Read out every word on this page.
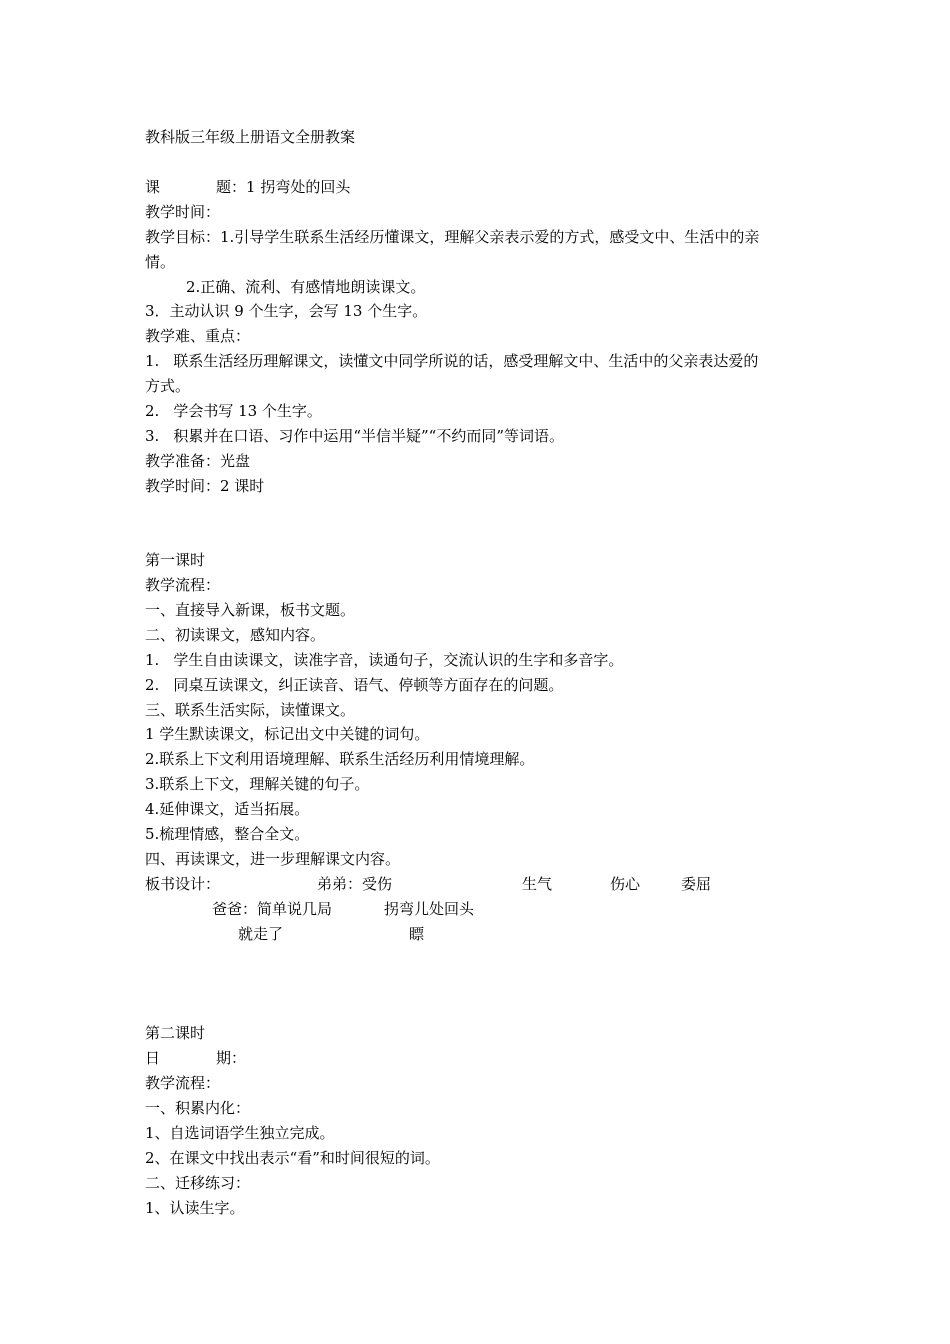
教科版三年级上册语文全册教案
课	题：1 拐弯处的回头
教学时间：
教学目标：1.引导学生联系生活经历懂课文，理解父亲表示爱的方式，感受文中、生活中的亲
情。
2.正确、流利、有感情地朗读课文。
3．主动认识 9 个生字，会写 13 个生字。
教学难、重点：
1. 联系生活经历理解课文，读懂文中同学所说的话，感受理解文中、生活中的父亲表达爱的
方式。
2. 学会书写 13 个生字。
3. 积累并在口语、习作中运用“半信半疑”“不约而同”等词语。
教学准备：光盘
教学时间：2 课时
第一课时
教学流程：
一、直接导入新课，板书文题。
二、初读课文，感知内容。
1. 学生自由读课文，读准字音，读通句子，交流认识的生字和多音字。
2. 同桌互读课文，纠正读音、语气、停顿等方面存在的问题。
三、联系生活实际，读懂课文。
1 学生默读课文，标记出文中关键的词句。
2.联系上下文利用语境理解、联系生活经历利用情境理解。
3.联系上下文，理解关键的句子。
4.延伸课文，适当拓展。
5.梳理情感，整合全文。
四、再读课文，进一步理解课文内容。
板书设计：	弟弟：受伤	生气	伤心	委屈
爸爸：简单说几局	拐弯儿处回头
就走了	瞟
第二课时
日	期：
教学流程：
一、积累内化：
1、自选词语学生独立完成。
2、在课文中找出表示“看”和时间很短的词。
二、迁移练习：
1、认读生字。
